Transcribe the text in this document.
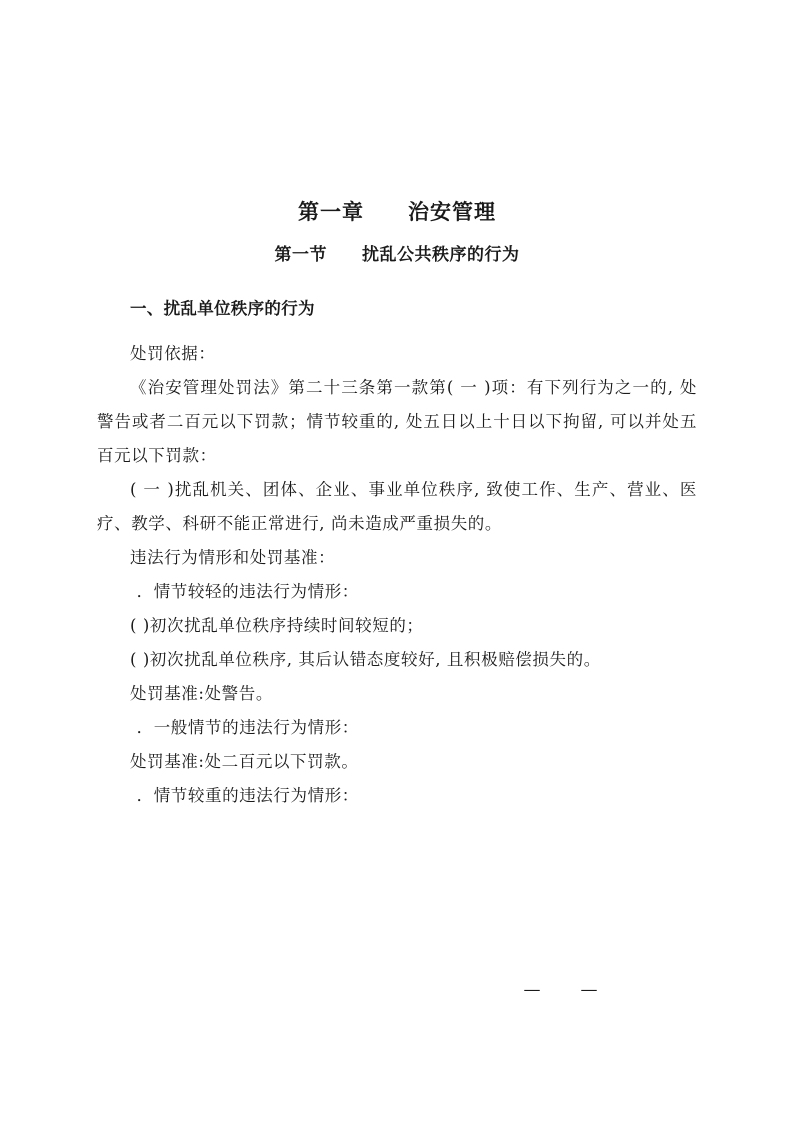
第一章　　治安管理
第一节　　扰乱公共秩序的行为
一、扰乱单位秩序的行为

处罚依据：

《治安管理处罚法》第二十三条第一款第( 一 )项：有下列行为之一的, 处警告或者二百元以下罚款；情节较重的, 处五日以上十日以下拘留, 可以并处五百元以下罚款：

( 一 )扰乱机关、团体、企业、事业单位秩序, 致使工作、生产、营业、医疗、教学、科研不能正常进行, 尚未造成严重损失的。

违法行为情形和处罚基准：

．情节较轻的违法行为情形：

( )初次扰乱单位秩序持续时间较短的；

( )初次扰乱单位秩序, 其后认错态度较好, 且积极赔偿损失的。

处罚基准:处警告。

．一般情节的违法行为情形：

处罚基准:处二百元以下罚款。

．情节较重的违法行为情形：

—　　—
